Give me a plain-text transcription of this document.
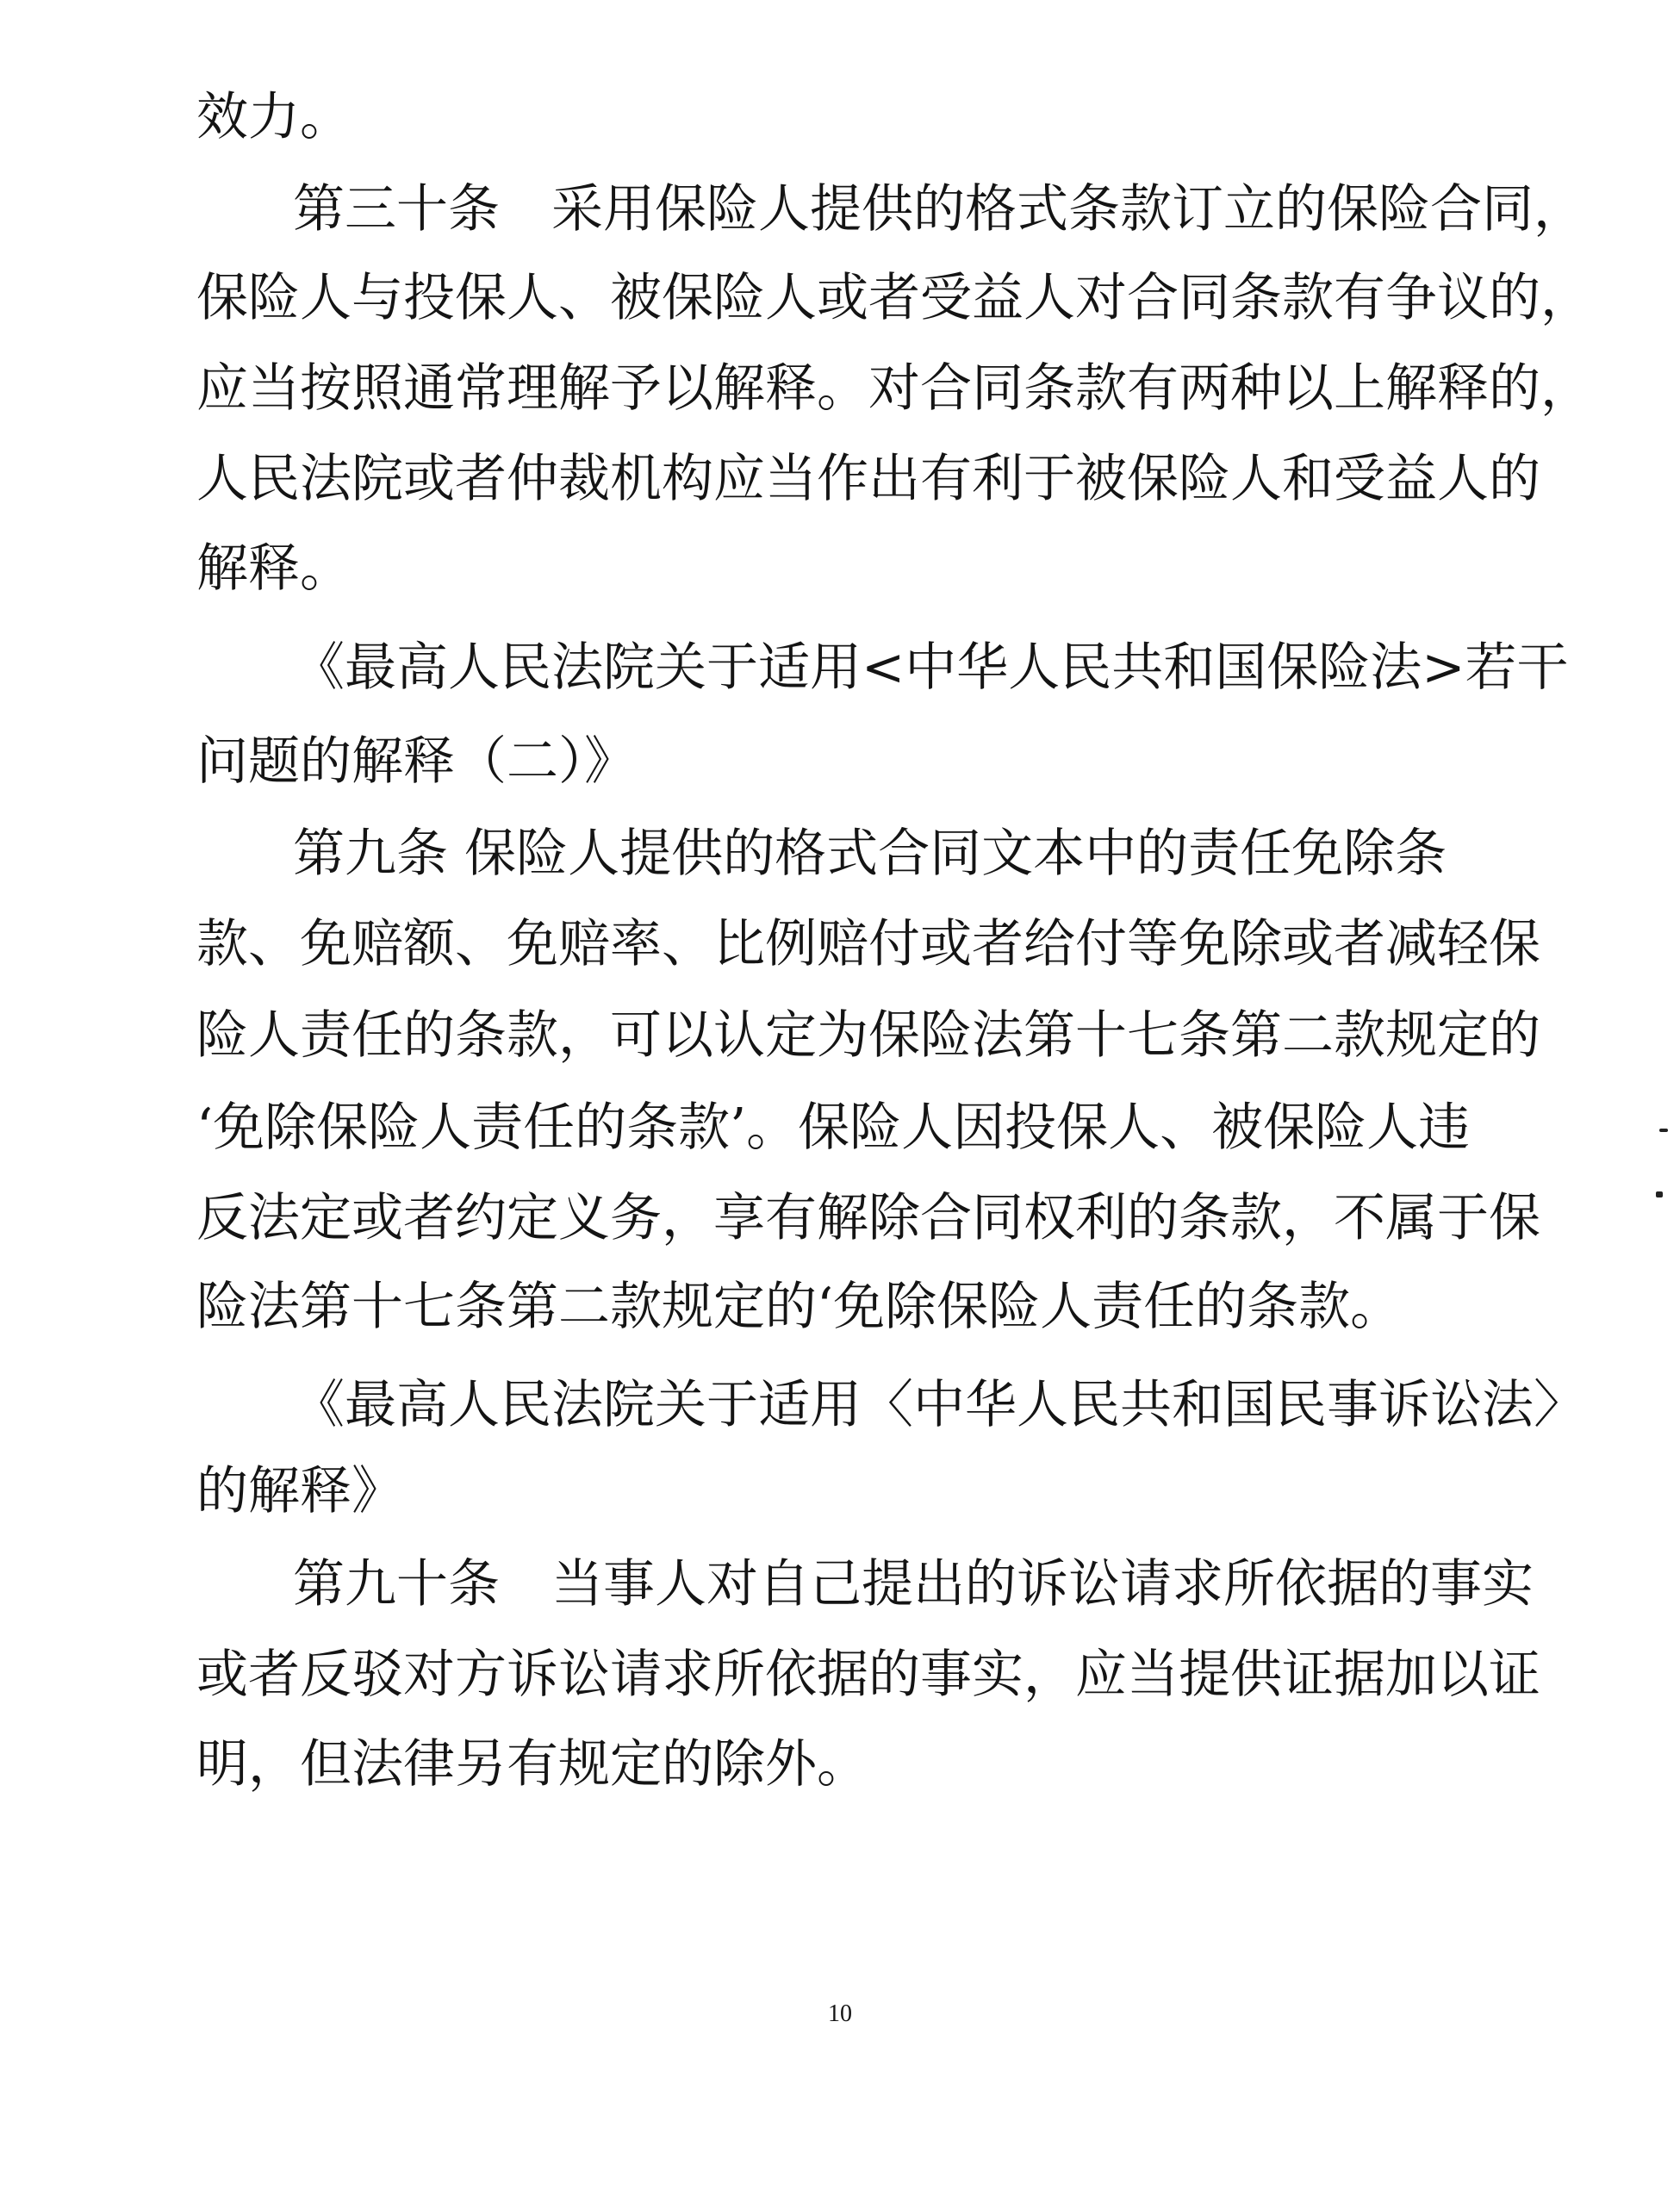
效力。
第三十条　采用保险人提供的格式条款订立的保险合同，
保险人与投保人、被保险人或者受益人对合同条款有争议的，
应当按照通常理解予以解释。对合同条款有两种以上解释的，
人民法院或者仲裁机构应当作出有利于被保险人和受益人的
解释。
《最高人民法院关于适用<中华人民共和国保险法>若干
问题的解释（二）》
第九条 保险人提供的格式合同文本中的责任免除条
款、免赔额、免赔率、比例赔付或者给付等免除或者减轻保
险人责任的条款，可以认定为保险法第十七条第二款规定的
‘免除保险人责任的条款’。保险人因投保人、被保险人违
反法定或者约定义务，享有解除合同权利的条款，不属于保
险法第十七条第二款规定的‘免除保险人责任的条款。
《最高人民法院关于适用〈中华人民共和国民事诉讼法〉
的解释》
第九十条　当事人对自己提出的诉讼请求所依据的事实
或者反驳对方诉讼请求所依据的事实，应当提供证据加以证
明，但法律另有规定的除外。
10
